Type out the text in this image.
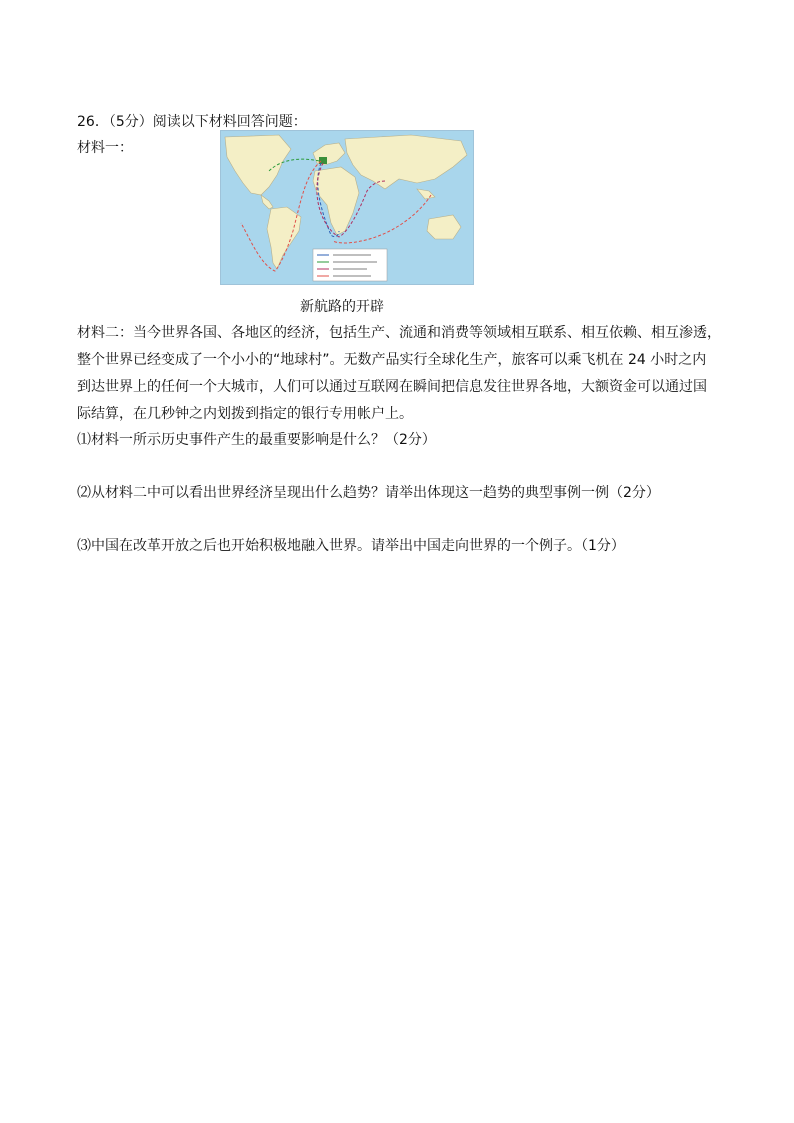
26．（5分）阅读以下材料回答问题：
材料一：
新航路的开辟
材料二：当今世界各国、各地区的经济，包括生产、流通和消费等领域相互联系、相互依赖、相互渗透，
整个世界已经变成了一个小小的“地球村”。无数产品实行全球化生产，旅客可以乘飞机在 24 小时之内
到达世界上的任何一个大城市，人们可以通过互联网在瞬间把信息发往世界各地，大额资金可以通过国
际结算，在几秒钟之内划拨到指定的银行专用帐户上。
⑴材料一所示历史事件产生的最重要影响是什么？（2分）
⑵从材料二中可以看出世界经济呈现出什么趋势？请举出体现这一趋势的典型事例一例（2分）
⑶中国在改革开放之后也开始积极地融入世界。请举出中国走向世界的一个例子。（1分）
